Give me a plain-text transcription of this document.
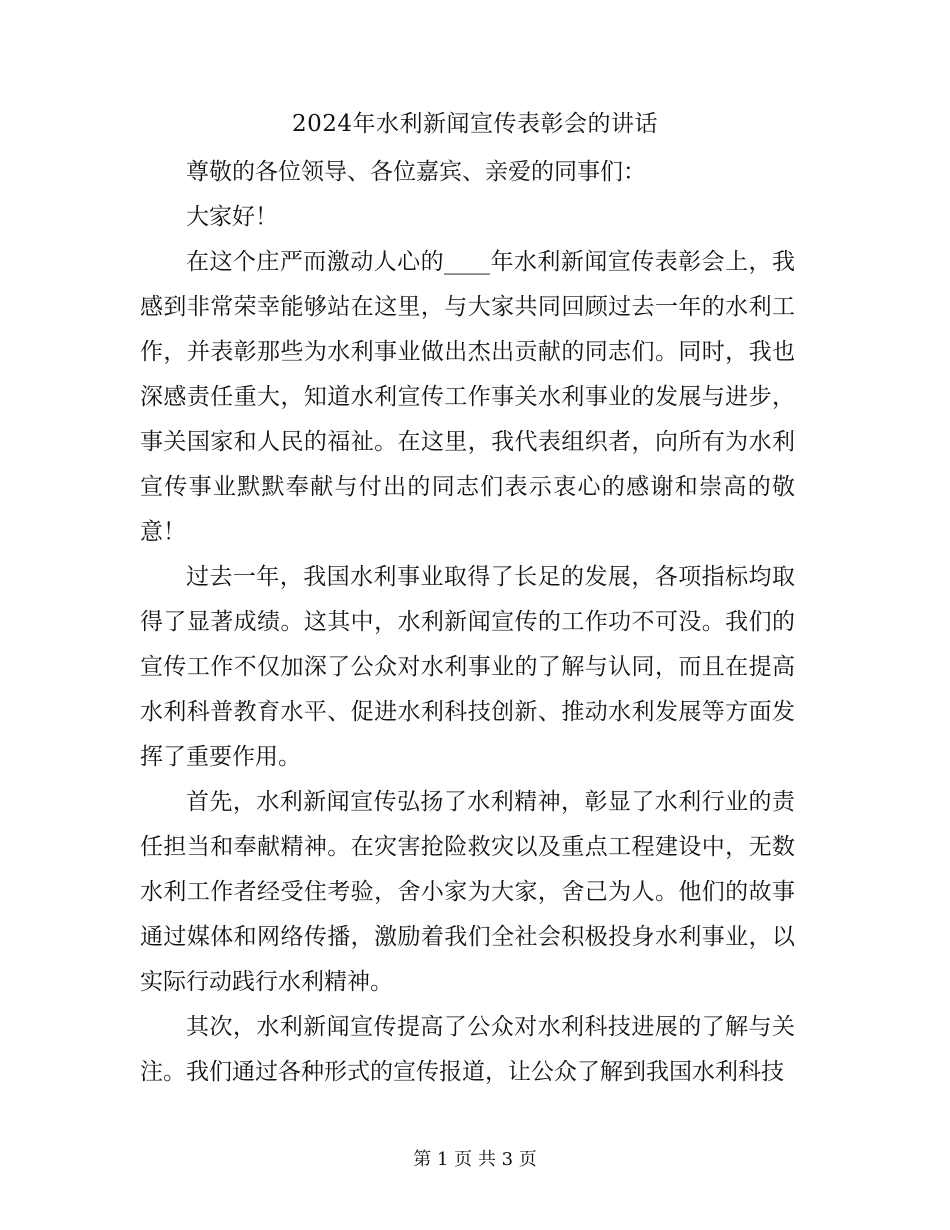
2024年水利新闻宣传表彰会的讲话

尊敬的各位领导、各位嘉宾、亲爱的同事们：

大家好！

在这个庄严而激动人心的____年水利新闻宣传表彰会上，我感到非常荣幸能够站在这里，与大家共同回顾过去一年的水利工作，并表彰那些为水利事业做出杰出贡献的同志们。同时，我也深感责任重大，知道水利宣传工作事关水利事业的发展与进步，事关国家和人民的福祉。在这里，我代表组织者，向所有为水利宣传事业默默奉献与付出的同志们表示衷心的感谢和崇高的敬意！

过去一年，我国水利事业取得了长足的发展，各项指标均取得了显著成绩。这其中，水利新闻宣传的工作功不可没。我们的宣传工作不仅加深了公众对水利事业的了解与认同，而且在提高水利科普教育水平、促进水利科技创新、推动水利发展等方面发挥了重要作用。

首先，水利新闻宣传弘扬了水利精神，彰显了水利行业的责任担当和奉献精神。在灾害抢险救灾以及重点工程建设中，无数水利工作者经受住考验，舍小家为大家，舍己为人。他们的故事通过媒体和网络传播，激励着我们全社会积极投身水利事业，以实际行动践行水利精神。

其次，水利新闻宣传提高了公众对水利科技进展的了解与关注。我们通过各种形式的宣传报道，让公众了解到我国水利科技

第 1 页 共 3 页
